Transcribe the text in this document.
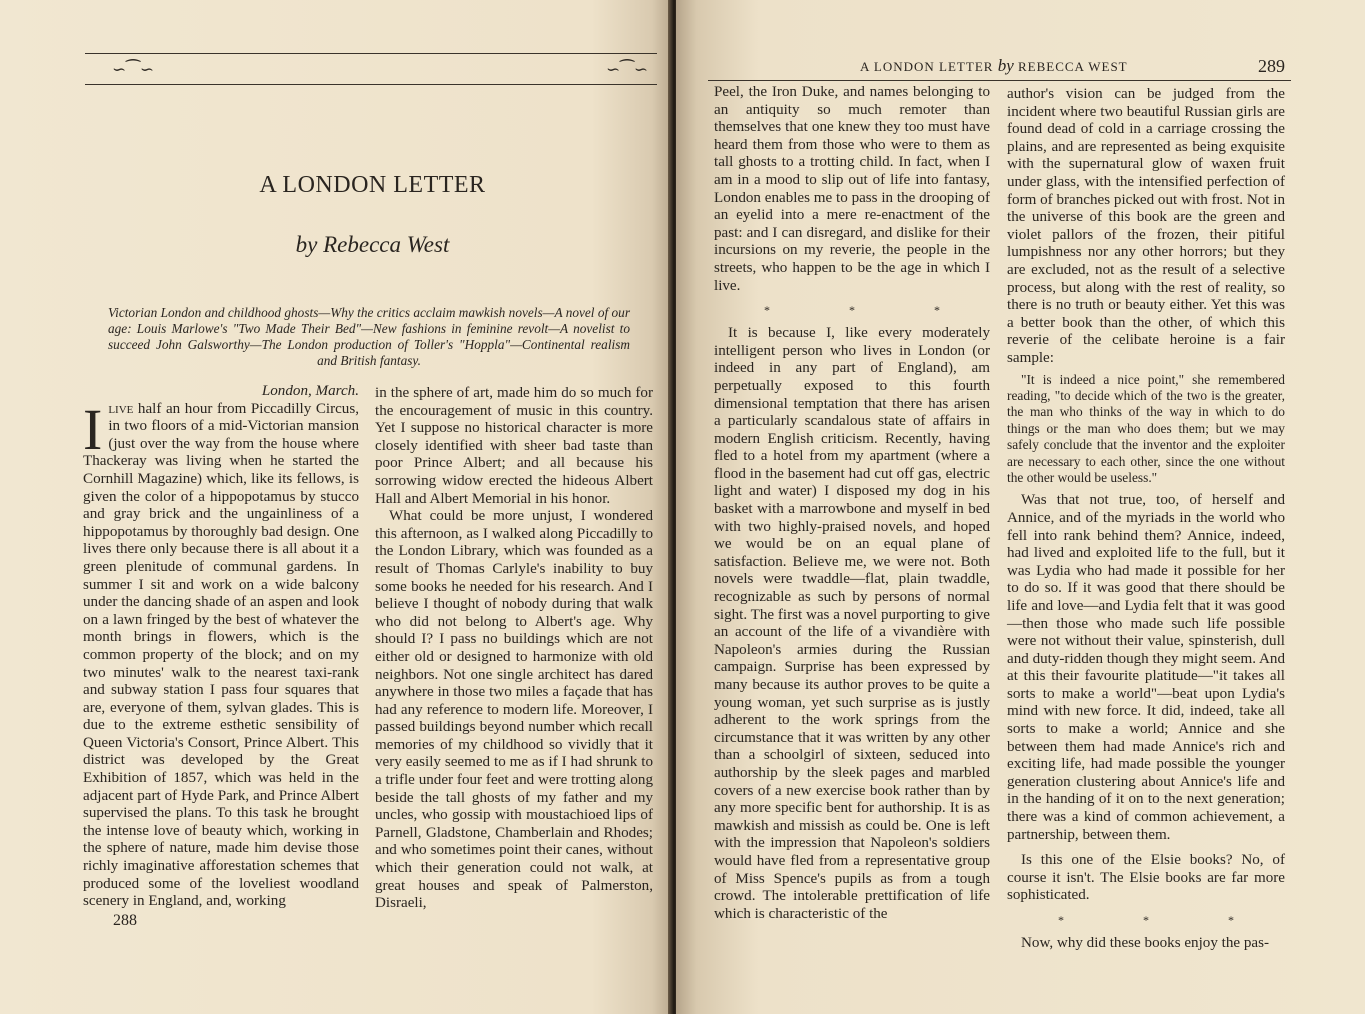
∽⁀∽	∽⁀∽
A LONDON LETTER
by Rebecca West
Victorian London and childhood ghosts—Why the critics acclaim mawkish novels—A novel of our age: Louis Marlowe's "Two Made Their Bed"—New fashions in feminine revolt—A novelist to succeed John Galsworthy—The London production of Toller's "Hoppla"—Continental realism and British fantasy.

London, March.

Ilive half an hour from Piccadilly Circus, in two floors of a mid-Victorian mansion (just over the way from the house where Thackeray was living when he started the Cornhill Magazine) which, like its fellows, is given the color of a hippopotamus by stucco and gray brick and the ungainliness of a hippopotamus by thoroughly bad design. One lives there only because there is all about it a green plenitude of communal gardens. In summer I sit and work on a wide balcony under the dancing shade of an aspen and look on a lawn fringed by the best of whatever the month brings in flowers, which is the common property of the block; and on my two minutes' walk to the nearest taxi-rank and subway station I pass four squares that are, everyone of them, sylvan glades. This is due to the extreme esthetic sensibility of Queen Victoria's Consort, Prince Albert. This district was developed by the Great Exhibition of 1857, which was held in the adjacent part of Hyde Park, and Prince Albert supervised the plans. To this task he brought the intense love of beauty which, working in the sphere of nature, made him devise those richly imaginative afforestation schemes that produced some of the loveliest woodland scenery in England, and, working

in the sphere of art, made him do so much for the encouragement of music in this country. Yet I suppose no historical character is more closely identified with sheer bad taste than poor Prince Albert; and all because his sorrowing widow erected the hideous Albert Hall and Albert Memorial in his honor.

What could be more unjust, I wondered this afternoon, as I walked along Piccadilly to the London Library, which was founded as a result of Thomas Carlyle's inability to buy some books he needed for his research. And I believe I thought of nobody during that walk who did not belong to Albert's age. Why should I? I pass no buildings which are not either old or designed to harmonize with old neighbors. Not one single architect has dared anywhere in those two miles a façade that has had any reference to modern life. Moreover, I passed buildings beyond number which recall memories of my childhood so vividly that it very easily seemed to me as if I had shrunk to a trifle under four feet and were trotting along beside the tall ghosts of my father and my uncles, who gossip with moustachioed lips of Parnell, Gladstone, Chamberlain and Rhodes; and who sometimes point their canes, without which their generation could not walk, at great houses and speak of Palmerston, Disraeli,

288
289
A LONDON LETTER by REBECCA WEST

Peel, the Iron Duke, and names belonging to an antiquity so much remoter than themselves that one knew they too must have heard them from those who were to them as tall ghosts to a trotting child. In fact, when I am in a mood to slip out of life into fantasy, London enables me to pass in the drooping of an eyelid into a mere re-enactment of the past: and I can disregard, and dislike for their incursions on my reverie, the people in the streets, who happen to be the age in which I live.

* * *

It is because I, like every moderately intelligent person who lives in London (or indeed in any part of England), am perpetually exposed to this fourth dimensional temptation that there has arisen a particularly scandalous state of affairs in modern English criticism. Recently, having fled to a hotel from my apartment (where a flood in the basement had cut off gas, electric light and water) I disposed my dog in his basket with a marrowbone and myself in bed with two highly-praised novels, and hoped we would be on an equal plane of satisfaction. Believe me, we were not. Both novels were twaddle—flat, plain twaddle, recognizable as such by persons of normal sight. The first was a novel purporting to give an account of the life of a vivandière with Napoleon's armies during the Russian campaign. Surprise has been expressed by many because its author proves to be quite a young woman, yet such surprise as is justly adherent to the work springs from the circumstance that it was written by any other than a schoolgirl of sixteen, seduced into authorship by the sleek pages and marbled covers of a new exercise book rather than by any more specific bent for authorship. It is as mawkish and missish as could be. One is left with the impression that Napoleon's soldiers would have fled from a representative group of Miss Spence's pupils as from a tough crowd. The intolerable prettification of life which is characteristic of the

author's vision can be judged from the incident where two beautiful Russian girls are found dead of cold in a carriage crossing the plains, and are represented as being exquisite with the supernatural glow of waxen fruit under glass, with the intensified perfection of form of branches picked out with frost. Not in the universe of this book are the green and violet pallors of the frozen, their pitiful lumpishness nor any other horrors; but they are excluded, not as the result of a selective process, but along with the rest of reality, so there is no truth or beauty either. Yet this was a better book than the other, of which this reverie of the celibate heroine is a fair sample:

"It is indeed a nice point," she remembered reading, "to decide which of the two is the greater, the man who thinks of the way in which to do things or the man who does them; but we may safely conclude that the inventor and the exploiter are necessary to each other, since the one without the other would be useless."

Was that not true, too, of herself and Annice, and of the myriads in the world who fell into rank behind them? Annice, indeed, had lived and exploited life to the full, but it was Lydia who had made it possible for her to do so. If it was good that there should be life and love—and Lydia felt that it was good—then those who made such life possible were not without their value, spinsterish, dull and duty-ridden though they might seem. And at this their favourite platitude—"it takes all sorts to make a world"—beat upon Lydia's mind with new force. It did, indeed, take all sorts to make a world; Annice and she between them had made Annice's rich and exciting life, had made possible the younger generation clustering about Annice's life and in the handing of it on to the next generation; there was a kind of common achievement, a partnership, between them.

Is this one of the Elsie books? No, of course it isn't. The Elsie books are far more sophisticated.

* * *

Now, why did these books enjoy the pas-
